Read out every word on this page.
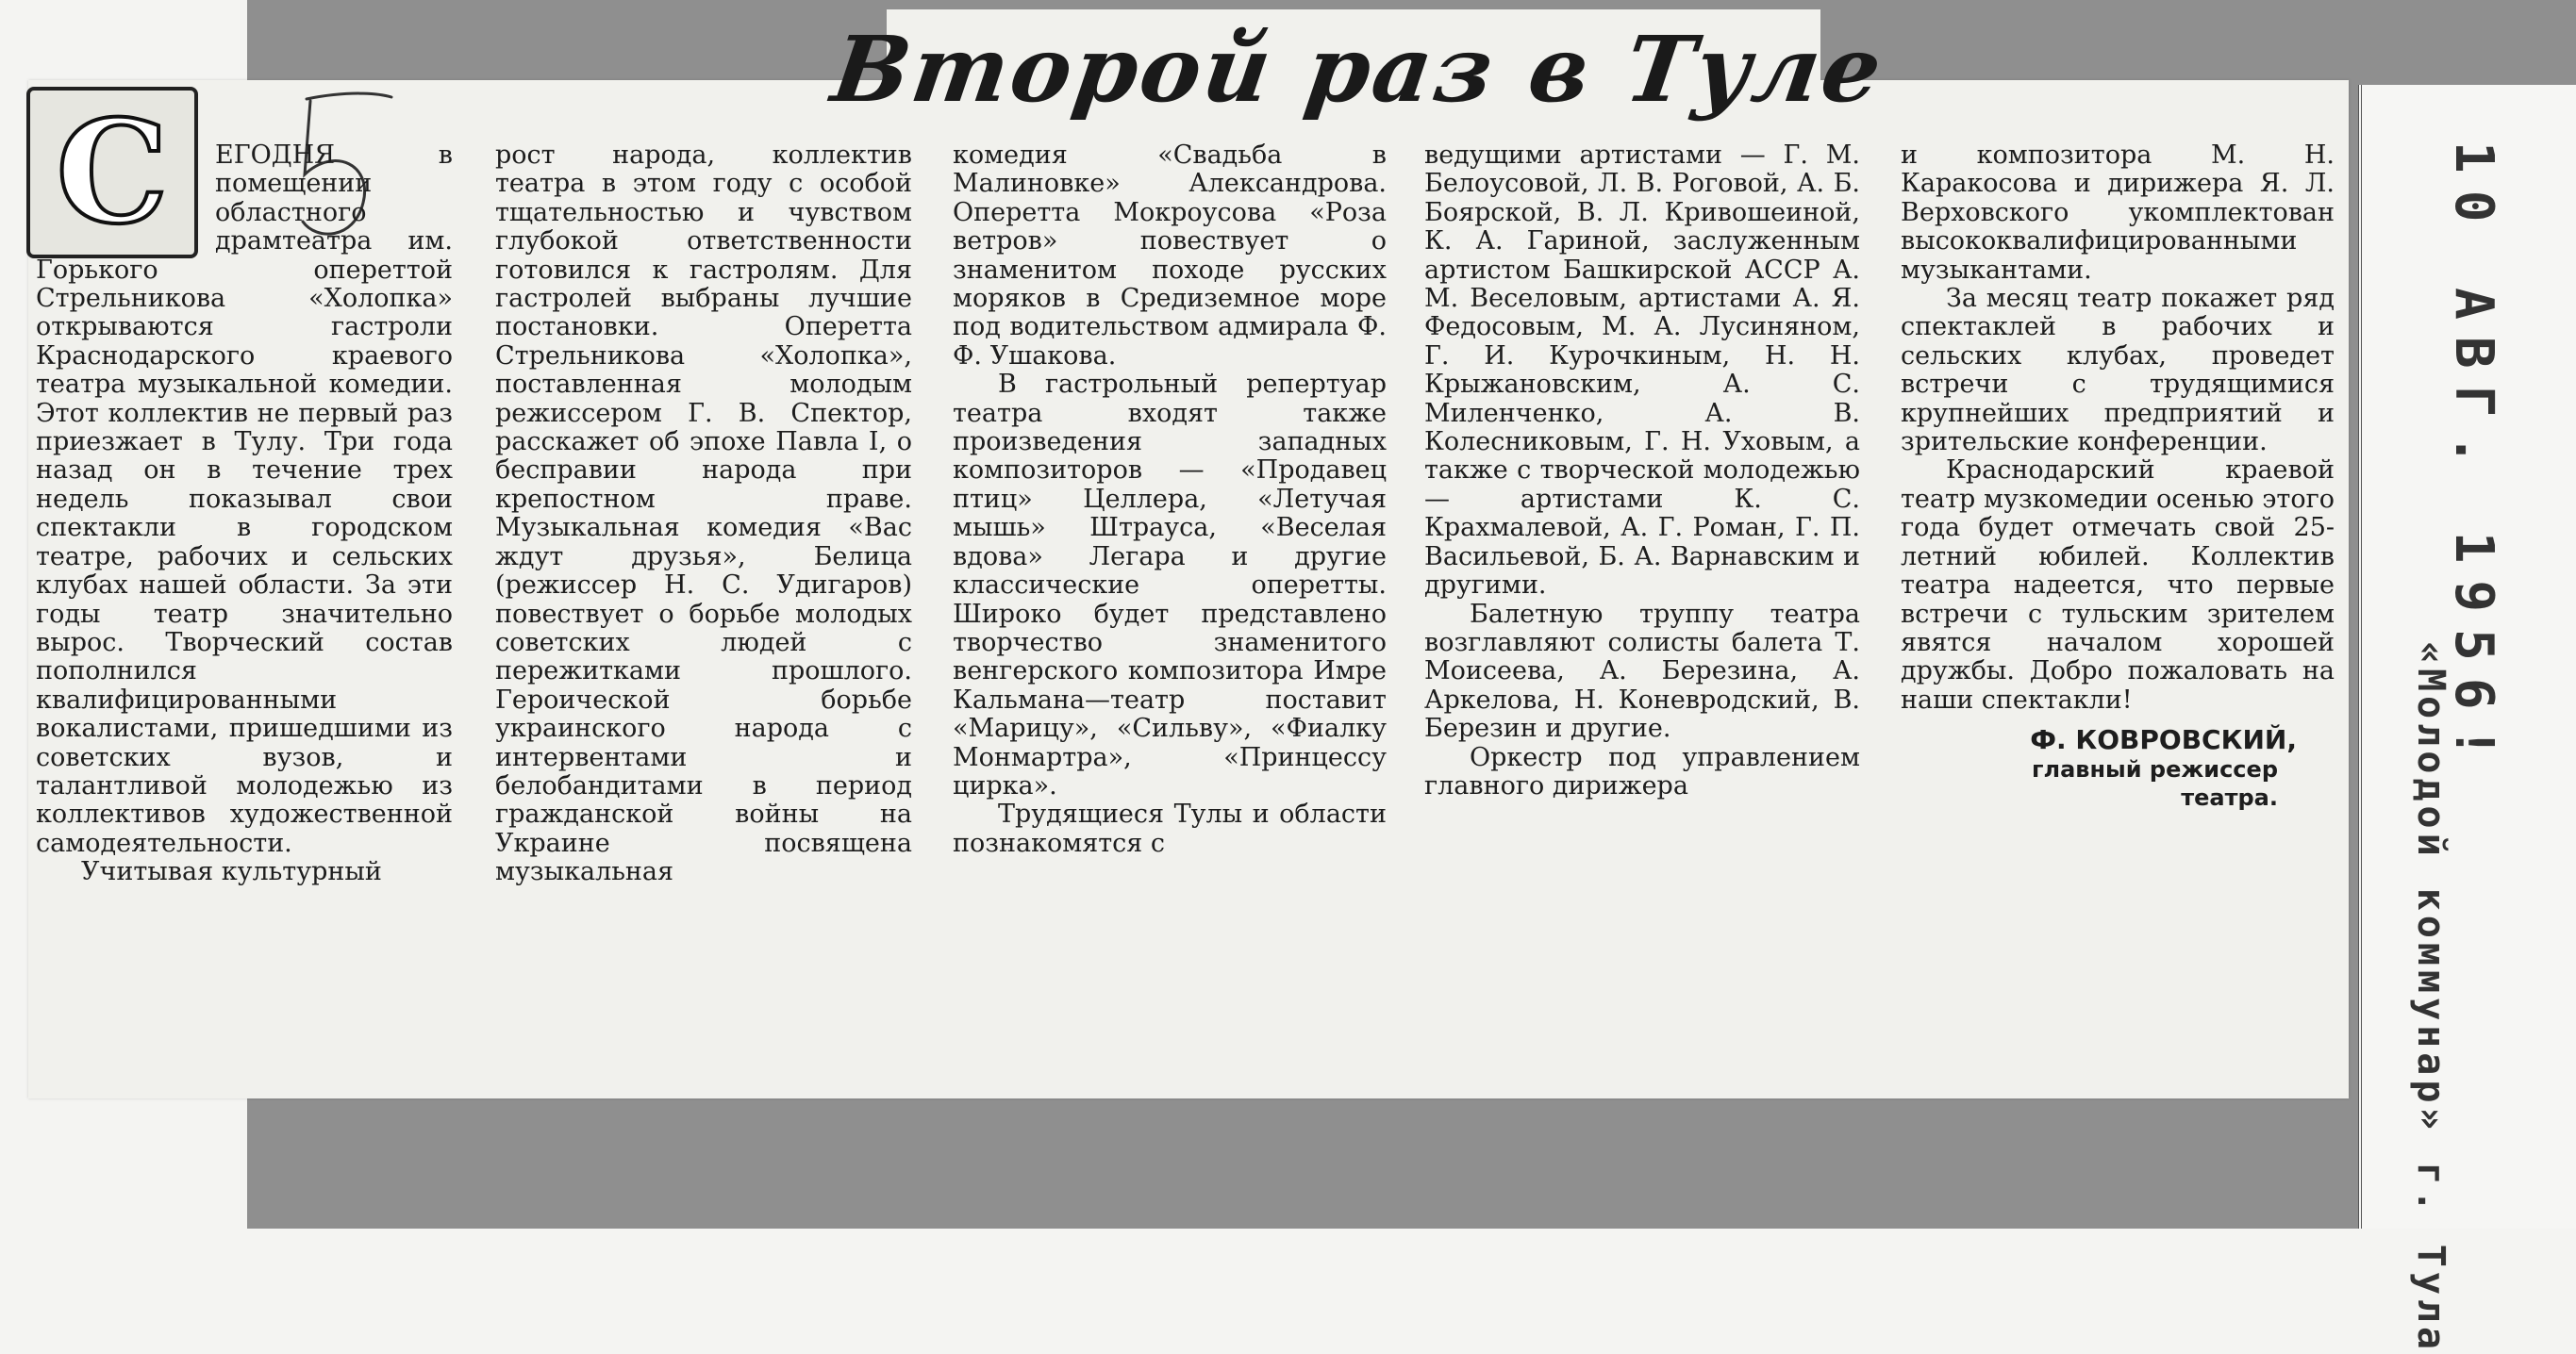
Второй раз в Туле
10 АВГ. 1956!
«Молодой коммунар» г. Тула
С	ЕГОДНЯ в помещении областного драмтеатра им. Горького опереттой Стрельникова «Холопка» открываются гастроли Краснодарского краевого театра музыкальной комедии. Этот коллектив не первый раз приезжает в Тулу. Три года назад он в течение трех недель показывал свои спектакли в городском театре, рабочих и сельских клубах нашей области. За эти годы театр значительно вырос. Творческий состав пополнился квалифицированными вокалистами, пришедшими из советских вузов, и талантливой молодежью из коллективов художественной самодеятельности.

Учитывая культурный

рост народа, коллектив театра в этом году с особой тщательностью и чувством глубокой ответственности готовился к гастролям. Для гастролей выбраны лучшие постановки. Оперетта Стрельникова «Холопка», поставленная молодым режиссером Г. В. Спектор, расскажет об эпохе Павла I, о бесправии народа при крепостном праве. Музыкальная комедия «Вас ждут друзья», Белица (режиссер Н. С. Удигаров) повествует о борьбе молодых советских людей с пережитками прошлого. Героической борьбе украинского народа с интервентами и белобандитами в период гражданской войны на Украине посвящена музыкальная

комедия «Свадьба в Малиновке» Александрова. Оперетта Мокроусова «Роза ветров» повествует о знаменитом походе русских моряков в Средиземное море под водительством адмирала Ф. Ф. Ушакова.

В гастрольный репертуар театра входят также произведения западных композиторов — «Продавец птиц» Целлера, «Летучая мышь» Штрауса, «Веселая вдова» Легара и другие классические оперетты. Широко будет представлено творчество знаменитого венгерского композитора Имре Кальмана—театр поставит «Марицу», «Сильву», «Фиалку Монмартра», «Принцессу цирка».

Трудящиеся Тулы и области познакомятся с

ведущими артистами — Г. М. Белоусовой, Л. В. Роговой, А. Б. Боярской, В. Л. Кривошеиной, К. А. Гариной, заслуженным артистом Башкирской АССР А. М. Веселовым, артистами А. Я. Федосовым, М. А. Лусиняном, Г. И. Курочкиным, Н. Н. Крыжановским, А. С. Миленченко, А. В. Колесниковым, Г. Н. Уховым, а также с творческой молодежью — артистами К. С. Крахмалевой, А. Г. Роман, Г. П. Васильевой, Б. А. Варнавским и другими.

Балетную труппу театра возглавляют солисты балета Т. Моисеева, А. Березина, А. Аркелова, Н. Коневродский, В. Березин и другие.

Оркестр под управлением главного дирижера

и композитора М. Н. Каракосова и дирижера Я. Л. Верховского укомплектован высококвалифицированными музыкантами.

За месяц театр покажет ряд спектаклей в рабочих и сельских клубах, проведет встречи с трудящимися крупнейших предприятий и зрительские конференции.

Краснодарский краевой театр музкомедии осенью этого года будет отмечать свой 25-летний юбилей. Коллектив театра надеется, что первые встречи с тульским зрителем явятся началом хорошей дружбы. Добро пожаловать на наши спектакли!

Ф. КОВРОВСКИЙ,
главный режиссер
театра.
